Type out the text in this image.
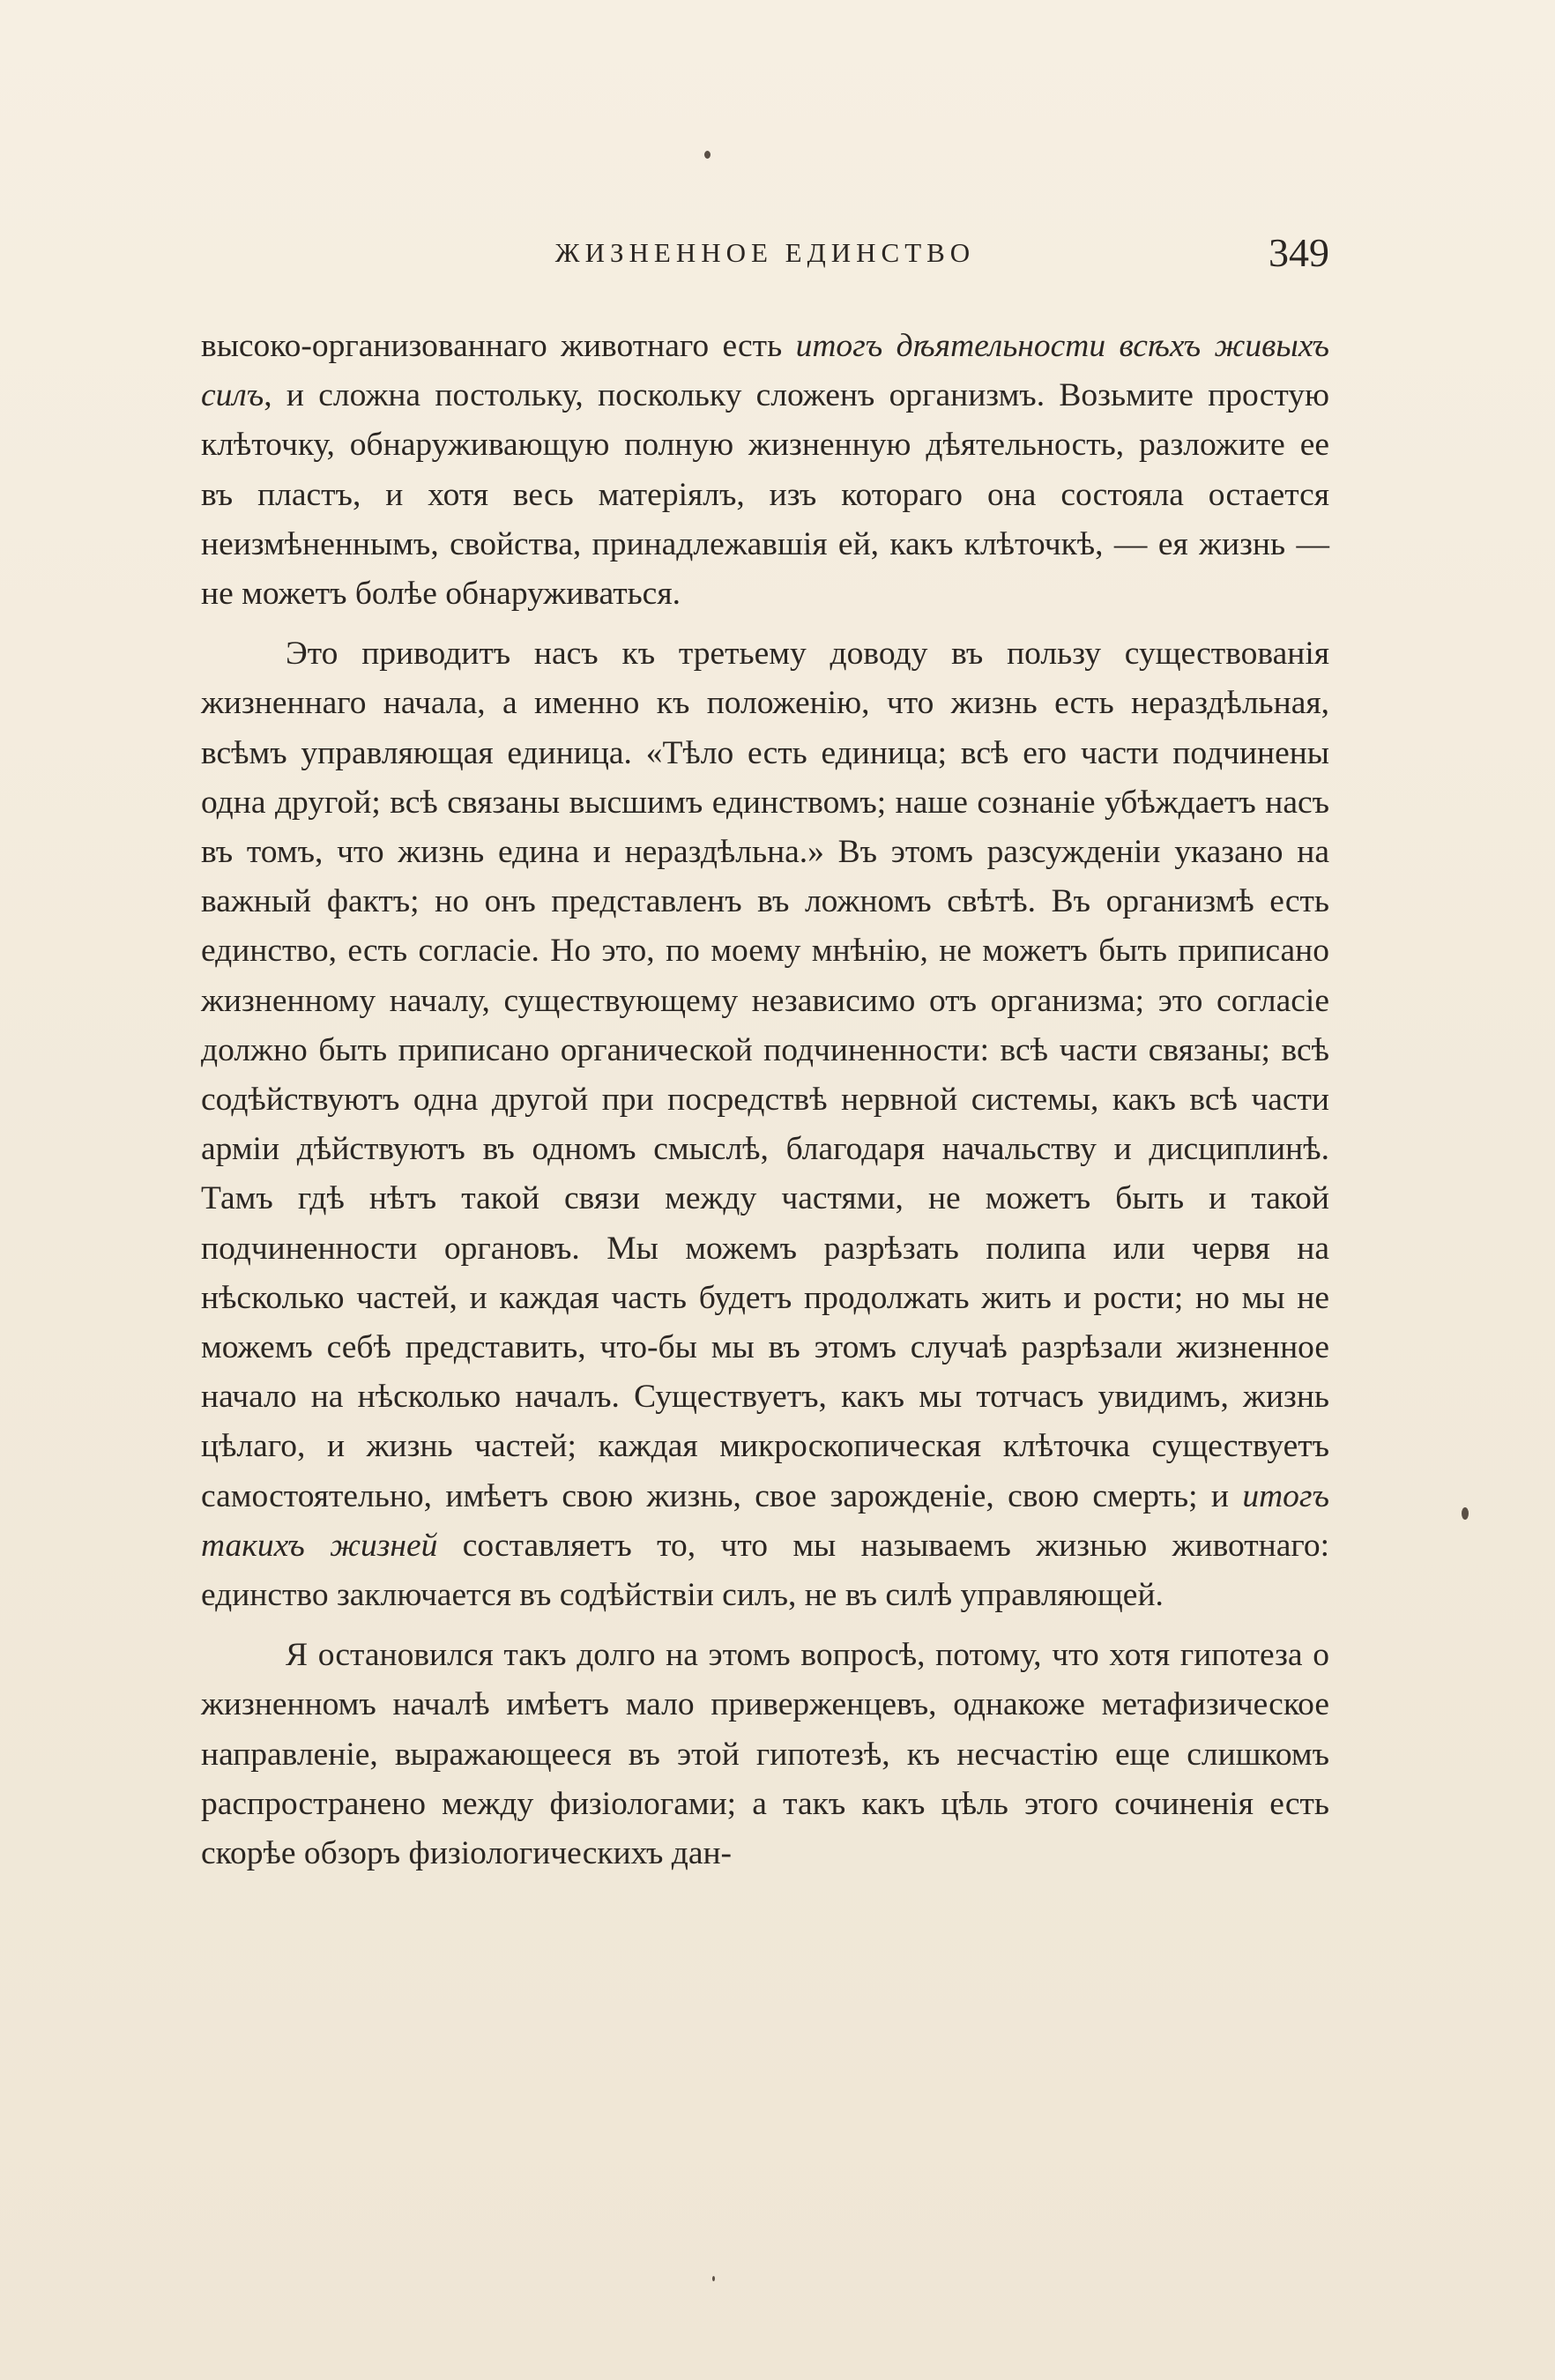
ЖИЗНЕННОЕ ЕДИНСТВО	349

высоко-организованнаго животнаго есть итогъ дѣятельности всѣхъ живыхъ силъ, и сложна постольку, поскольку сложенъ организмъ. Возьмите простую клѣточку, обнаруживающую полную жизненную дѣятельность, разложите ее въ пластъ, и хотя весь матеріялъ, изъ котораго она состояла остается неизмѣненнымъ, свойства, принадлежавшія ей, какъ клѣточкѣ, — ея жизнь — не можетъ болѣе обнаруживаться.

Это приводитъ насъ къ третьему доводу въ пользу существованія жизненнаго начала, а именно къ положенію, что жизнь есть нераздѣльная, всѣмъ управляющая единица. «Тѣло есть единица; всѣ его части подчинены одна другой; всѣ связаны высшимъ единствомъ; наше сознаніе убѣждаетъ насъ въ томъ, что жизнь едина и нераздѣльна.» Въ этомъ разсужденіи указано на важный фактъ; но онъ представленъ въ ложномъ свѣтѣ. Въ организмѣ есть единство, есть согласіе. Но это, по моему мнѣнію, не можетъ быть приписано жизненному началу, существующему независимо отъ организма; это согласіе должно быть приписано органической подчиненности: всѣ части связаны; всѣ содѣйствуютъ одна другой при посредствѣ нервной системы, какъ всѣ части арміи дѣйствуютъ въ одномъ смыслѣ, благодаря начальству и дисциплинѣ. Тамъ гдѣ нѣтъ такой связи между частями, не можетъ быть и такой подчиненности органовъ. Мы можемъ разрѣзать полипа или червя на нѣсколько частей, и каждая часть будетъ продолжать жить и рости; но мы не можемъ себѣ представить, что-бы мы въ этомъ случаѣ разрѣзали жизненное начало на нѣсколько началъ. Существуетъ, какъ мы тотчасъ увидимъ, жизнь цѣлаго, и жизнь частей; каждая микроскопическая клѣточка существуетъ самостоятельно, имѣетъ свою жизнь, свое зарожденіе, свою смерть; и итогъ такихъ жизней составляетъ то, что мы называемъ жизнью животнаго: единство заключается въ содѣйствіи силъ, не въ силѣ управляющей.

Я остановился такъ долго на этомъ вопросѣ, потому, что хотя гипотеза о жизненномъ началѣ имѣетъ мало приверженцевъ, однакоже метафизическое направленіе, выражающееся въ этой гипотезѣ, къ несчастію еще слишкомъ распространено между физіологами; а такъ какъ цѣль этого сочиненія есть скорѣе обзоръ физіологическихъ дан-
